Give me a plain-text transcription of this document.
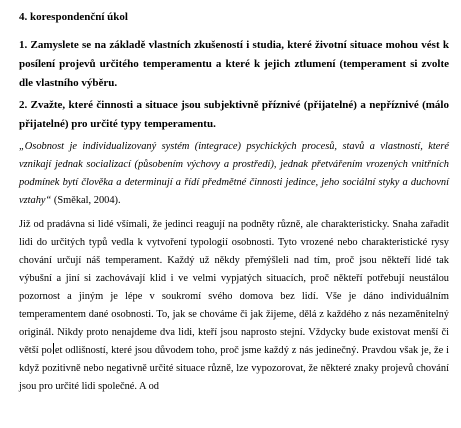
4. korespondenční úkol

1. Zamyslete se na základě vlastních zkušeností i studia, které životní situace mohou vést k posílení projevů určitého temperamentu a které k jejich ztlumení (temperament si zvolte dle vlastního výběru.

2. Zvažte, které činnosti a situace jsou subjektivně příznivé (přijatelné) a nepříznivé (málo přijatelné) pro určité typy temperamentu.

„Osobnost je individualizovaný systém (integrace) psychických procesů, stavů a vlastností, které vznikají jednak socializací (působením výchovy a prostředí), jednak přetvářením vrozených vnitřních podmínek bytí člověka a determinují a řídí předmětné činnosti jedince, jeho sociální styky a duchovní vztahy“ (Směkal, 2004).

Již od pradávna si lidé všímali, že jedinci reagují na podněty různě, ale charakteristicky. Snaha zařadit lidi do určitých typů vedla k vytvoření typologií osobnosti. Tyto vrozené nebo charakteristické rysy chování určují náš temperament. Každý už někdy přemýšleli nad tím, proč jsou někteří lidé tak výbušní a jiní si zachovávají klid i ve velmi vypjatých situacích, proč někteří potřebují neustálou pozornost a jiným je lépe v soukromí svého domova bez lidí. Vše je dáno individuálním temperamentem dané osobnosti. To, jak se chováme či jak žijeme, dělá z každého z nás nezaměnitelný originál. Nikdy proto nenajdeme dva lidi, kteří jsou naprosto stejní. Vždycky bude existovat menší či větší po et odlišností, které jsou důvodem toho, proč jsme každý z nás jedinečný. Pravdou však je, že i když pozitivně nebo negativně určité situace různě, lze vypozorovat, že některé znaky projevů chování jsou pro určité lidi společné. A od
